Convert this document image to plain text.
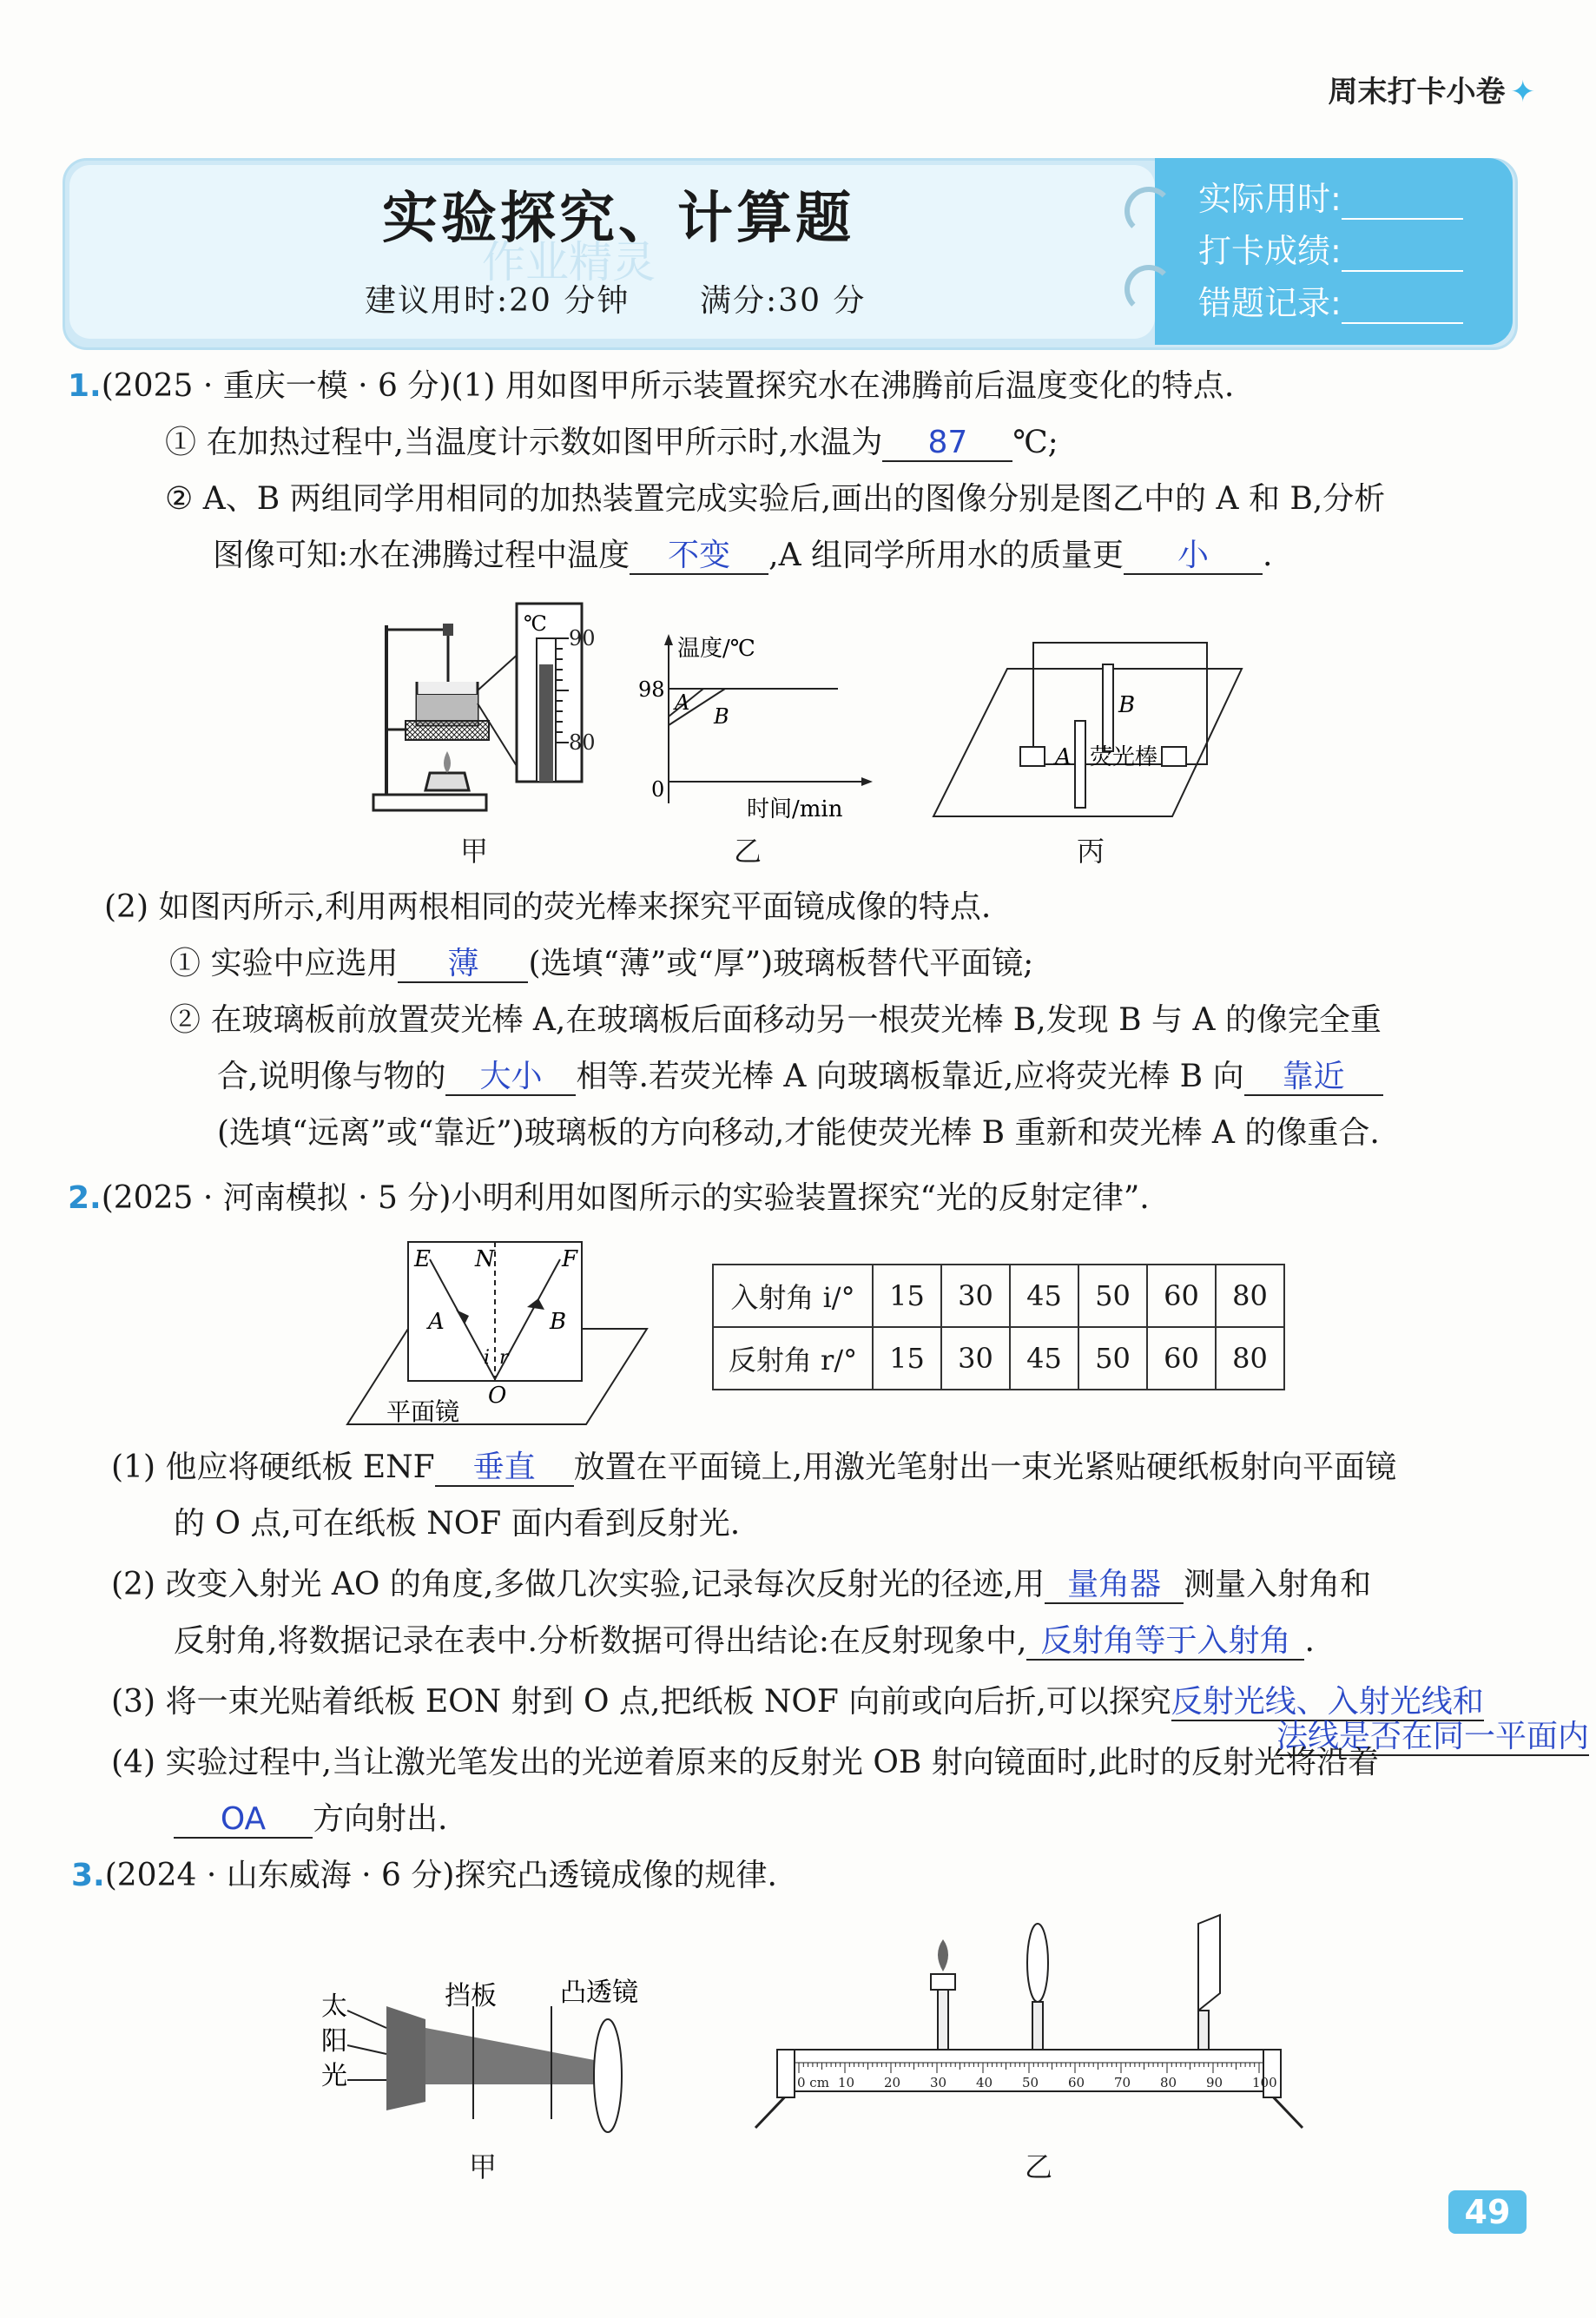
周末打卡小卷 ✦
实验探究、计算题
作业精灵
建议用时:20 分钟      满分:30 分
实际用时:
打卡成绩:
错题记录:
1.(2025 · 重庆一模 · 6 分)(1) 用如图甲所示装置探究水在沸腾前后温度变化的特点.
① 在加热过程中,当温度计示数如图甲所示时,水温为 87 ℃;
② A、B 两组同学用相同的加热装置完成实验后,画出的图像分别是图乙中的 A 和 B,分析
图像可知:水在沸腾过程中温度 不变 ,A 组同学所用水的质量更 小 .
℃
90
80
甲
温度/℃
98
0
时间/min
A
B
乙
B
A 荧光棒
丙
(2) 如图丙所示,利用两根相同的荧光棒来探究平面镜成像的特点.
① 实验中应选用 薄 (选填“薄”或“厚”)玻璃板替代平面镜;
② 在玻璃板前放置荧光棒 A,在玻璃板后面移动另一根荧光棒 B,发现 B 与 A 的像完全重
合,说明像与物的 大小 相等.若荧光棒 A 向玻璃板靠近,应将荧光棒 B 向 靠近
(选填“远离”或“靠近”)玻璃板的方向移动,才能使荧光棒 B 重新和荧光棒 A 的像重合.
2.(2025 · 河南模拟 · 5 分)小明利用如图所示的实验装置探究“光的反射定律”.
E N	F
A	B
i r
O
平面镜
入射角 i/°	15	30	45	50	60	80
反射角 r/°	15	30	45	50	60	80
(1) 他应将硬纸板 ENF 垂直 放置在平面镜上,用激光笔射出一束光紧贴硬纸板射向平面镜
的 O 点,可在纸板 NOF 面内看到反射光.
(2) 改变入射光 AO 的角度,多做几次实验,记录每次反射光的径迹,用 量角器 测量入射角和
反射角,将数据记录在表中.分析数据可得出结论:在反射现象中, 反射角等于入射角 .
(3) 将一束光贴着纸板 EON 射到 O 点,把纸板 NOF 向前或向后折,可以探究反射光线、入射光线和
法线是否在同一平面内
(4) 实验过程中,当让激光笔发出的光逆着原来的反射光 OB 射向镜面时,此时的反射光将沿着
OA 方向射出.
3.(2024 · 山东威海 · 6 分)探究凸透镜成像的规律.
太
阳
光
挡板 凸透镜
甲
0 cm 10 20 30 40 50 60 70 80 90 100
乙
49
